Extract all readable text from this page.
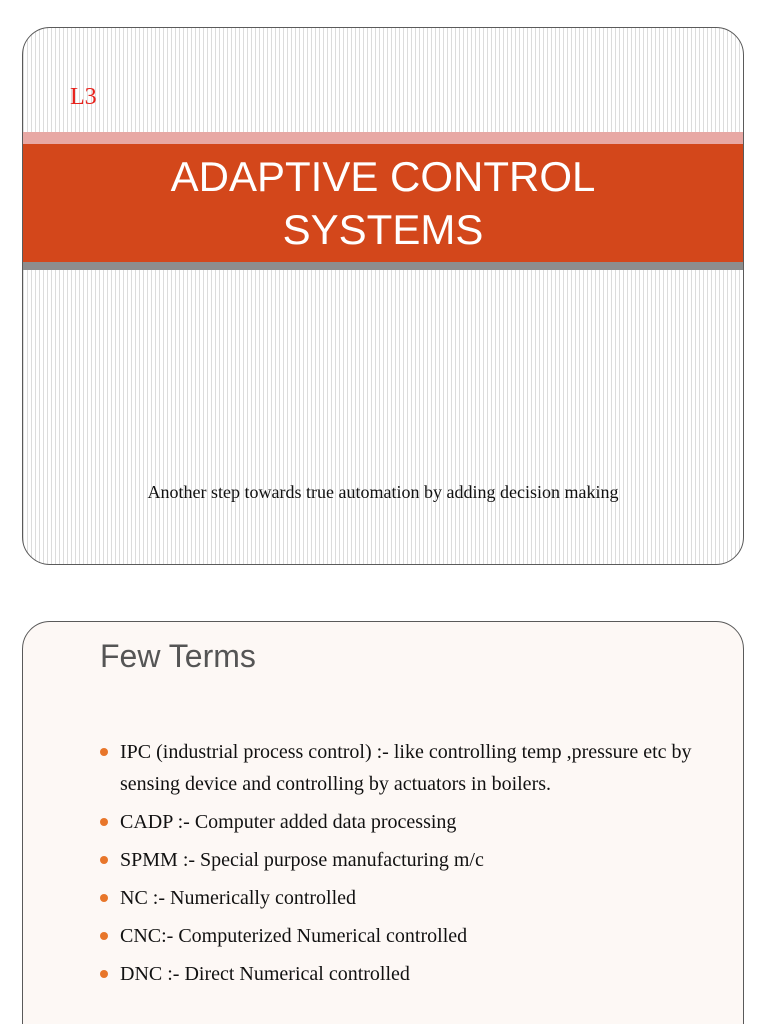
L3
ADAPTIVE CONTROL
SYSTEMS
Another step towards true automation by adding decision making
Few Terms
IPC (industrial process control) :- like controlling temp ,pressure etc by sensing device and controlling by actuators in boilers.
CADP :- Computer added data processing
SPMM :- Special purpose manufacturing m/c
NC :- Numerically controlled
CNC:- Computerized Numerical controlled
DNC :- Direct Numerical controlled
